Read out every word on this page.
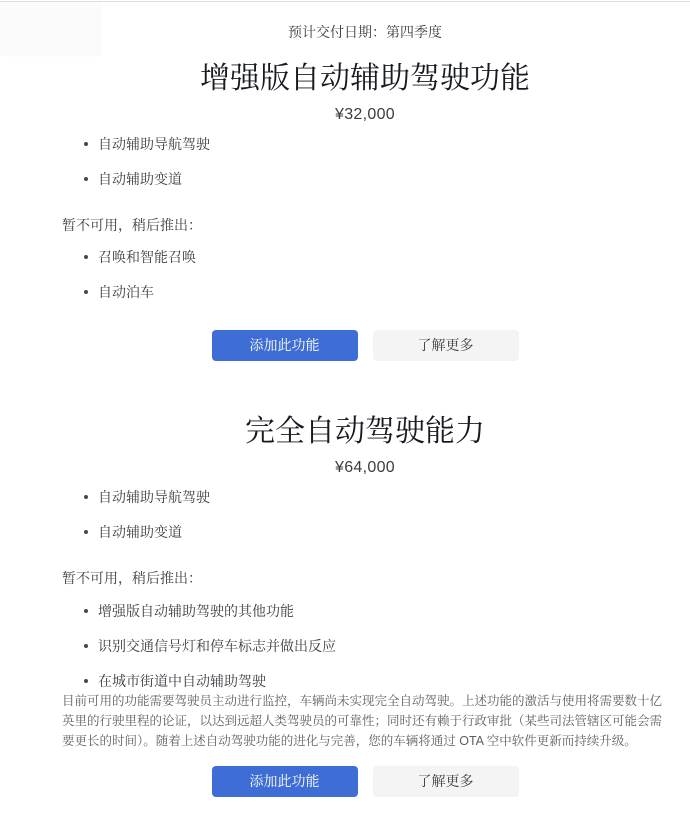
预计交付日期：第四季度
增强版自动辅助驾驶功能
¥32,000
自动辅助导航驾驶
自动辅助变道
暂不可用，稍后推出：
召唤和智能召唤
自动泊车
添加此功能	了解更多
完全自动驾驶能力
¥64,000
自动辅助导航驾驶
自动辅助变道
暂不可用，稍后推出：
增强版自动辅助驾驶的其他功能
识别交通信号灯和停车标志并做出反应
在城市街道中自动辅助驾驶

目前可用的功能需要驾驶员主动进行监控，车辆尚未实现完全自动驾驶。上述功能的激活与使用将需要数十亿英里的行驶里程的论证，以达到远超人类驾驶员的可靠性；同时还有赖于行政审批（某些司法管辖区可能会需要更长的时间）。随着上述自动驾驶功能的进化与完善，您的车辆将通过 OTA 空中软件更新而持续升级。

添加此功能	了解更多
